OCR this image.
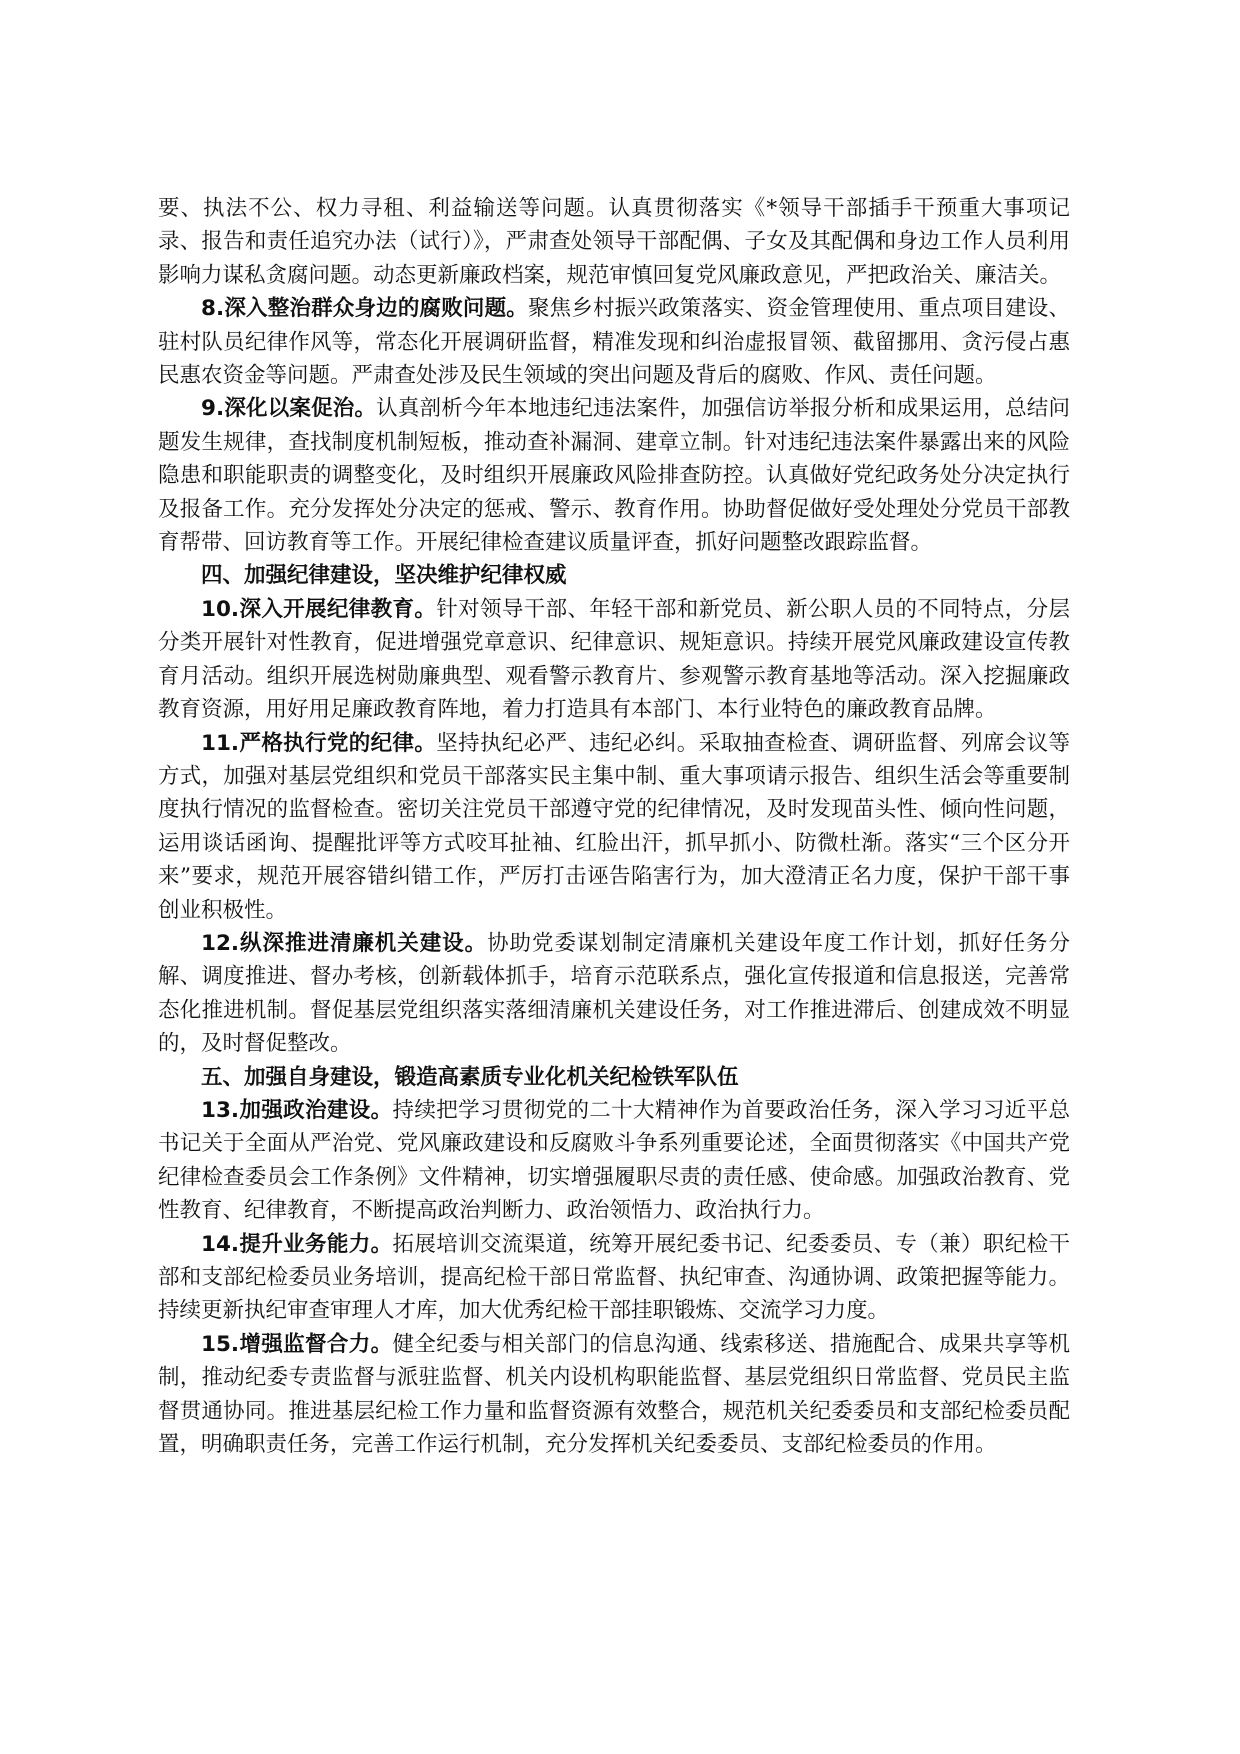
要、执法不公、权力寻租、利益输送等问题。认真贯彻落实《*领导干部插手干预重大事项记录、报告和责任追究办法（试行）》，严肃查处领导干部配偶、子女及其配偶和身边工作人员利用影响力谋私贪腐问题。动态更新廉政档案，规范审慎回复党风廉政意见，严把政治关、廉洁关。

8.深入整治群众身边的腐败问题。聚焦乡村振兴政策落实、资金管理使用、重点项目建设、驻村队员纪律作风等，常态化开展调研监督，精准发现和纠治虚报冒领、截留挪用、贪污侵占惠民惠农资金等问题。严肃查处涉及民生领域的突出问题及背后的腐败、作风、责任问题。

9.深化以案促治。认真剖析今年本地违纪违法案件，加强信访举报分析和成果运用，总结问题发生规律，查找制度机制短板，推动查补漏洞、建章立制。针对违纪违法案件暴露出来的风险隐患和职能职责的调整变化，及时组织开展廉政风险排查防控。认真做好党纪政务处分决定执行及报备工作。充分发挥处分决定的惩戒、警示、教育作用。协助督促做好受处理处分党员干部教育帮带、回访教育等工作。开展纪律检查建议质量评查，抓好问题整改跟踪监督。

四、加强纪律建设，坚决维护纪律权威

10.深入开展纪律教育。针对领导干部、年轻干部和新党员、新公职人员的不同特点，分层分类开展针对性教育，促进增强党章意识、纪律意识、规矩意识。持续开展党风廉政建设宣传教育月活动。组织开展选树勋廉典型、观看警示教育片、参观警示教育基地等活动。深入挖掘廉政教育资源，用好用足廉政教育阵地，着力打造具有本部门、本行业特色的廉政教育品牌。

11.严格执行党的纪律。坚持执纪必严、违纪必纠。采取抽查检查、调研监督、列席会议等方式，加强对基层党组织和党员干部落实民主集中制、重大事项请示报告、组织生活会等重要制度执行情况的监督检查。密切关注党员干部遵守党的纪律情况，及时发现苗头性、倾向性问题，运用谈话函询、提醒批评等方式咬耳扯袖、红脸出汗，抓早抓小、防微杜渐。落实“三个区分开来”要求，规范开展容错纠错工作，严厉打击诬告陷害行为，加大澄清正名力度，保护干部干事创业积极性。

12.纵深推进清廉机关建设。协助党委谋划制定清廉机关建设年度工作计划，抓好任务分解、调度推进、督办考核，创新载体抓手，培育示范联系点，强化宣传报道和信息报送，完善常态化推进机制。督促基层党组织落实落细清廉机关建设任务，对工作推进滞后、创建成效不明显的，及时督促整改。

五、加强自身建设，锻造高素质专业化机关纪检铁军队伍

13.加强政治建设。持续把学习贯彻党的二十大精神作为首要政治任务，深入学习习近平总书记关于全面从严治党、党风廉政建设和反腐败斗争系列重要论述，全面贯彻落实《中国共产党纪律检查委员会工作条例》文件精神，切实增强履职尽责的责任感、使命感。加强政治教育、党性教育、纪律教育，不断提高政治判断力、政治领悟力、政治执行力。

14.提升业务能力。拓展培训交流渠道，统筹开展纪委书记、纪委委员、专（兼）职纪检干部和支部纪检委员业务培训，提高纪检干部日常监督、执纪审查、沟通协调、政策把握等能力。持续更新执纪审查审理人才库，加大优秀纪检干部挂职锻炼、交流学习力度。

15.增强监督合力。健全纪委与相关部门的信息沟通、线索移送、措施配合、成果共享等机制，推动纪委专责监督与派驻监督、机关内设机构职能监督、基层党组织日常监督、党员民主监督贯通协同。推进基层纪检工作力量和监督资源有效整合，规范机关纪委委员和支部纪检委员配置，明确职责任务，完善工作运行机制，充分发挥机关纪委委员、支部纪检委员的作用。
